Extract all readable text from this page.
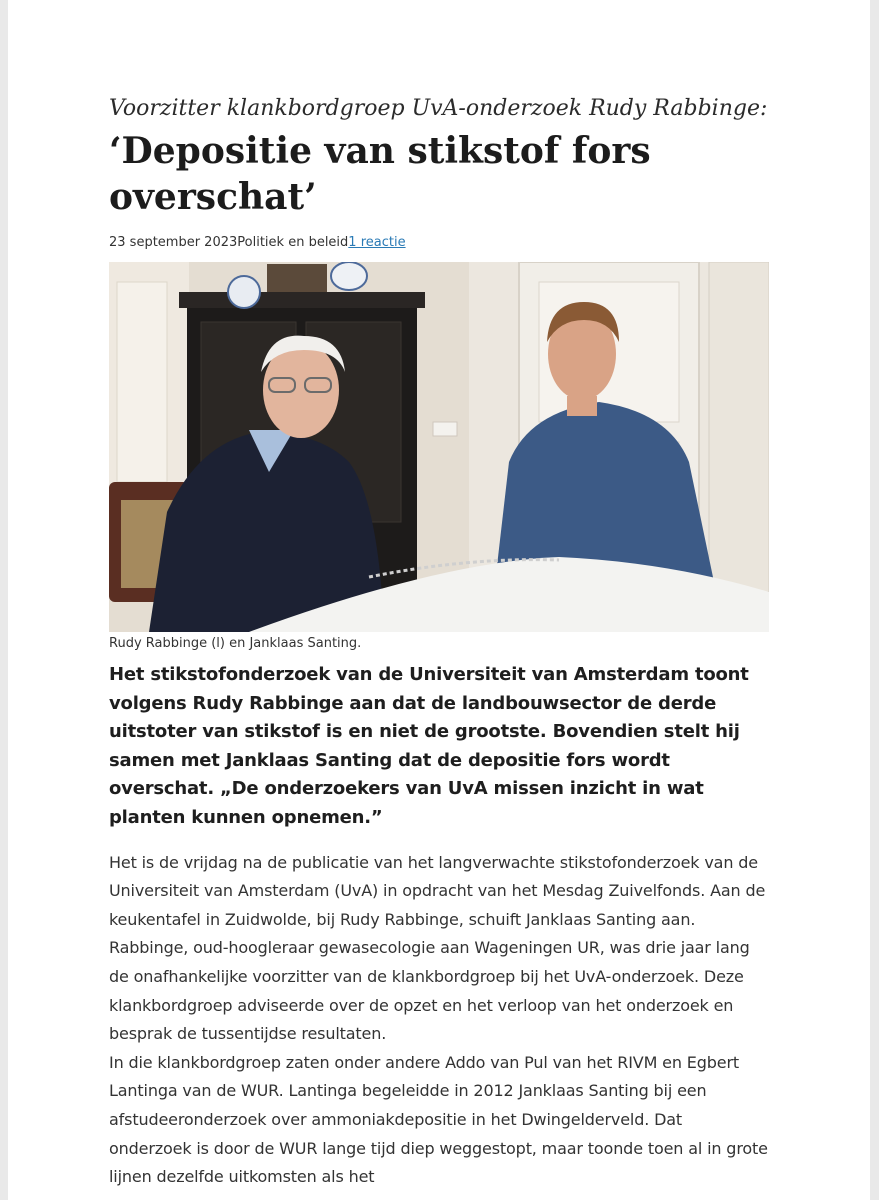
Voorzitter klankbordgroep UvA-onderzoek Rudy Rabbinge:

‘Depositie van stikstof fors overschat’
23 september 2023Politiek en beleid1 reactie
Rudy Rabbinge (l) en Janklaas Santing.

Het stikstofonderzoek van de Universiteit van Amsterdam toont volgens Rudy Rabbinge aan dat de landbouwsector de derde uitstoter van stikstof is en niet de grootste. Bovendien stelt hij samen met Janklaas Santing dat de depositie fors wordt overschat. „De onderzoekers van UvA missen inzicht in wat planten kunnen opnemen.”

Het is de vrijdag na de publicatie van het langverwachte stikstofonderzoek van de Universiteit van Amsterdam (UvA) in opdracht van het Mesdag Zuivelfonds. Aan de keukentafel in Zuidwolde, bij Rudy Rabbinge, schuift Janklaas Santing aan. Rabbinge, oud-hoogleraar gewasecologie aan Wageningen UR, was drie jaar lang de onafhankelijke voorzitter van de klankbordgroep bij het UvA-onderzoek. Deze klankbordgroep adviseerde over de opzet en het verloop van het onderzoek en besprak de tussentijdse resultaten.

In die klankbordgroep zaten onder andere Addo van Pul van het RIVM en Egbert Lantinga van de WUR. Lantinga begeleidde in 2012 Janklaas Santing bij een afstudeeronderzoek over ammoniakdepositie in het Dwingelderveld. Dat onderzoek is door de WUR lange tijd diep weggestopt, maar toonde toen al in grote lijnen dezelfde uitkomsten als het
